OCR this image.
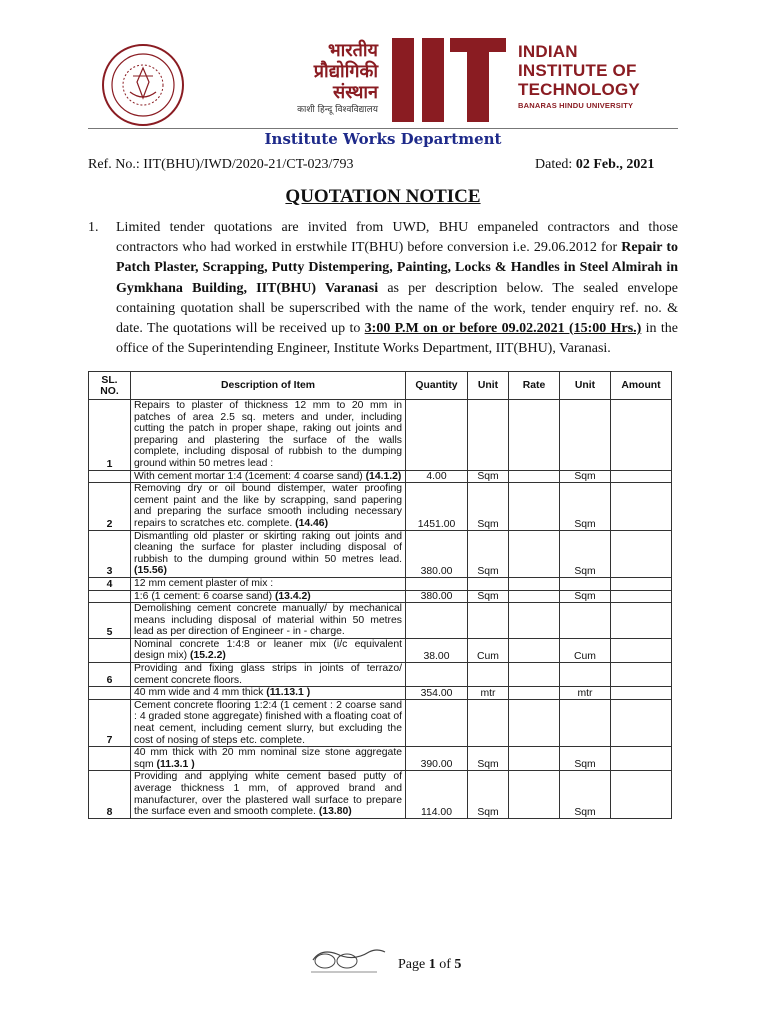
भारतीय
प्रौद्योगिकी
संस्थान
काशी हिन्दू विश्वविद्यालय
INDIAN
INSTITUTE OF
TECHNOLOGY
BANARAS HINDU UNIVERSITY
Institute Works Department
Ref. No.: IIT(BHU)/IWD/2020-21/CT-023/793	Dated: 02 Feb., 2021
QUOTATION NOTICE
1.	Limited tender quotations are invited from UWD, BHU empaneled contractors and those contractors who had worked in erstwhile IT(BHU) before conversion i.e. 29.06.2012 for Repair to Patch Plaster, Scrapping, Putty Distempering, Painting, Locks & Handles in Steel Almirah in Gymkhana Building, IIT(BHU) Varanasi as per description below. The sealed envelope containing quotation shall be superscribed with the name of the work, tender enquiry ref. no. & date. The quotations will be received up to 3:00 P.M on or before 09.02.2021 (15:00 Hrs.) in the office of the Superintending Engineer, Institute Works Department, IIT(BHU), Varanasi.
SL. NO.	Description of Item	Quantity	Unit	Rate	Unit	Amount
1	Repairs to plaster of thickness 12 mm to 20 mm in patches of area 2.5 sq. meters and under, including cutting the patch in proper shape, raking out joints and preparing and plastering the surface of the walls complete, including disposal of rubbish to the dumping ground within 50 metres lead :					
	With cement mortar 1:4 (1cement: 4 coarse sand) (14.1.2)	4.00	Sqm		Sqm	
2	Removing dry or oil bound distemper, water proofing cement paint and the like by scrapping, sand papering and preparing the surface smooth including necessary repairs to scratches etc. complete. (14.46)	1451.00	Sqm		Sqm	
3	Dismantling old plaster or skirting raking out joints and cleaning the surface for plaster including disposal of rubbish to the dumping ground within 50 metres lead. (15.56)	380.00	Sqm		Sqm	
4	12 mm cement plaster of mix :					
	1:6 (1 cement: 6 coarse sand) (13.4.2)	380.00	Sqm		Sqm	
5	Demolishing cement concrete manually/ by mechanical means including disposal of material within 50 metres lead as per direction of Engineer - in - charge.					
	Nominal concrete 1:4:8 or leaner mix (i/c equivalent design mix) (15.2.2)	38.00	Cum		Cum	
6	Providing and fixing glass strips in joints of terrazo/ cement concrete floors.					
	40 mm wide and 4 mm thick (11.13.1 )	354.00	mtr		mtr	
7	Cement concrete flooring 1:2:4 (1 cement : 2 coarse sand : 4 graded stone aggregate) finished with a floating coat of neat cement, including cement slurry, but excluding the cost of nosing of steps etc. complete.					
	40 mm thick with 20 mm nominal size stone aggregate sqm (11.3.1 )	390.00	Sqm		Sqm	
8	Providing and applying white cement based putty of average thickness 1 mm, of approved brand and manufacturer, over the plastered wall surface to prepare the surface even and smooth complete. (13.80)	114.00	Sqm		Sqm	
Page 1 of 5
